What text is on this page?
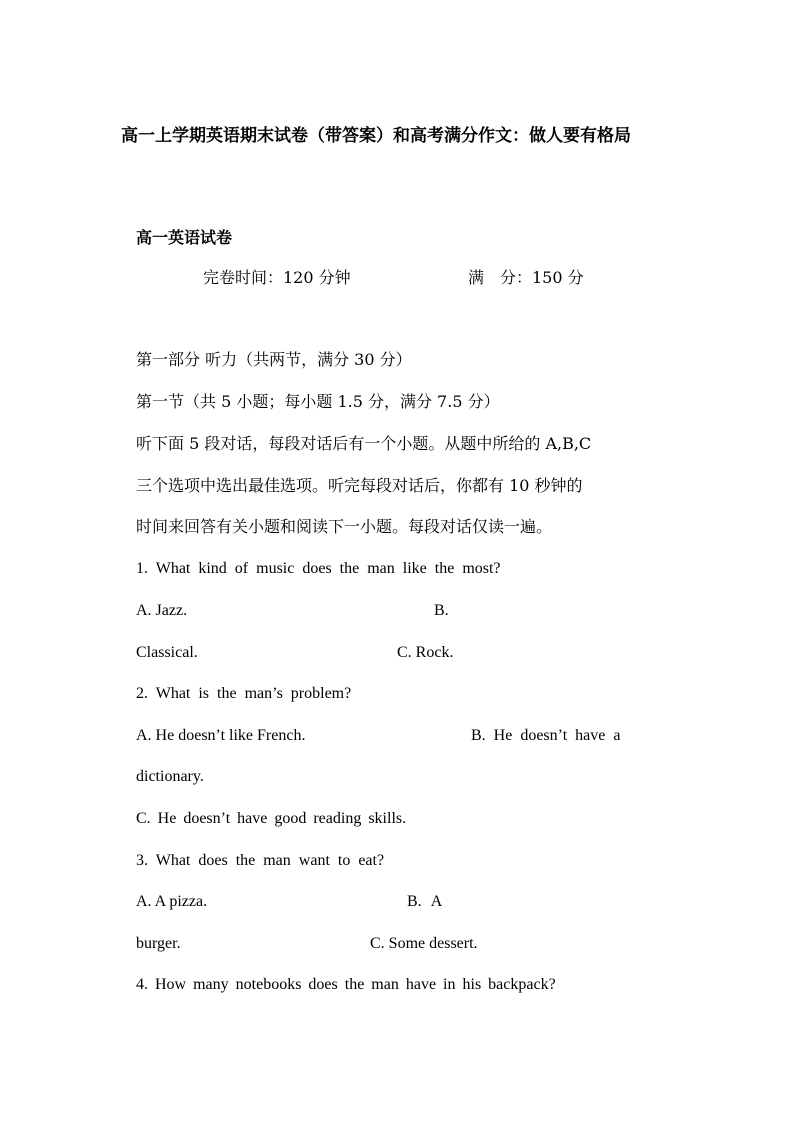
高一上学期英语期末试卷（带答案）和高考满分作文：做人要有格局
高一英语试卷
完卷时间：120 分钟	满　分：150 分
第一部分 听力（共两节，满分 30 分）
第一节（共 5 小题；每小题 1.5 分，满分 7.5 分）
听下面 5 段对话，每段对话后有一个小题。从题中所给的 A,B,C
三个选项中选出最佳选项。听完每段对话后，你都有 10 秒钟的
时间来回答有关小题和阅读下一小题。每段对话仅读一遍。
1. What kind of music does the man like the most?
A. Jazz.	B.
Classical.	C. Rock.
2. What is the man’s problem?
A. He doesn’t like French.	B. He doesn’t have a
dictionary.
C. He doesn’t have good reading skills.
3. What does the man want to eat?
A. A pizza.	B. A
burger.	C. Some dessert.
4. How many notebooks does the man have in his backpack?
